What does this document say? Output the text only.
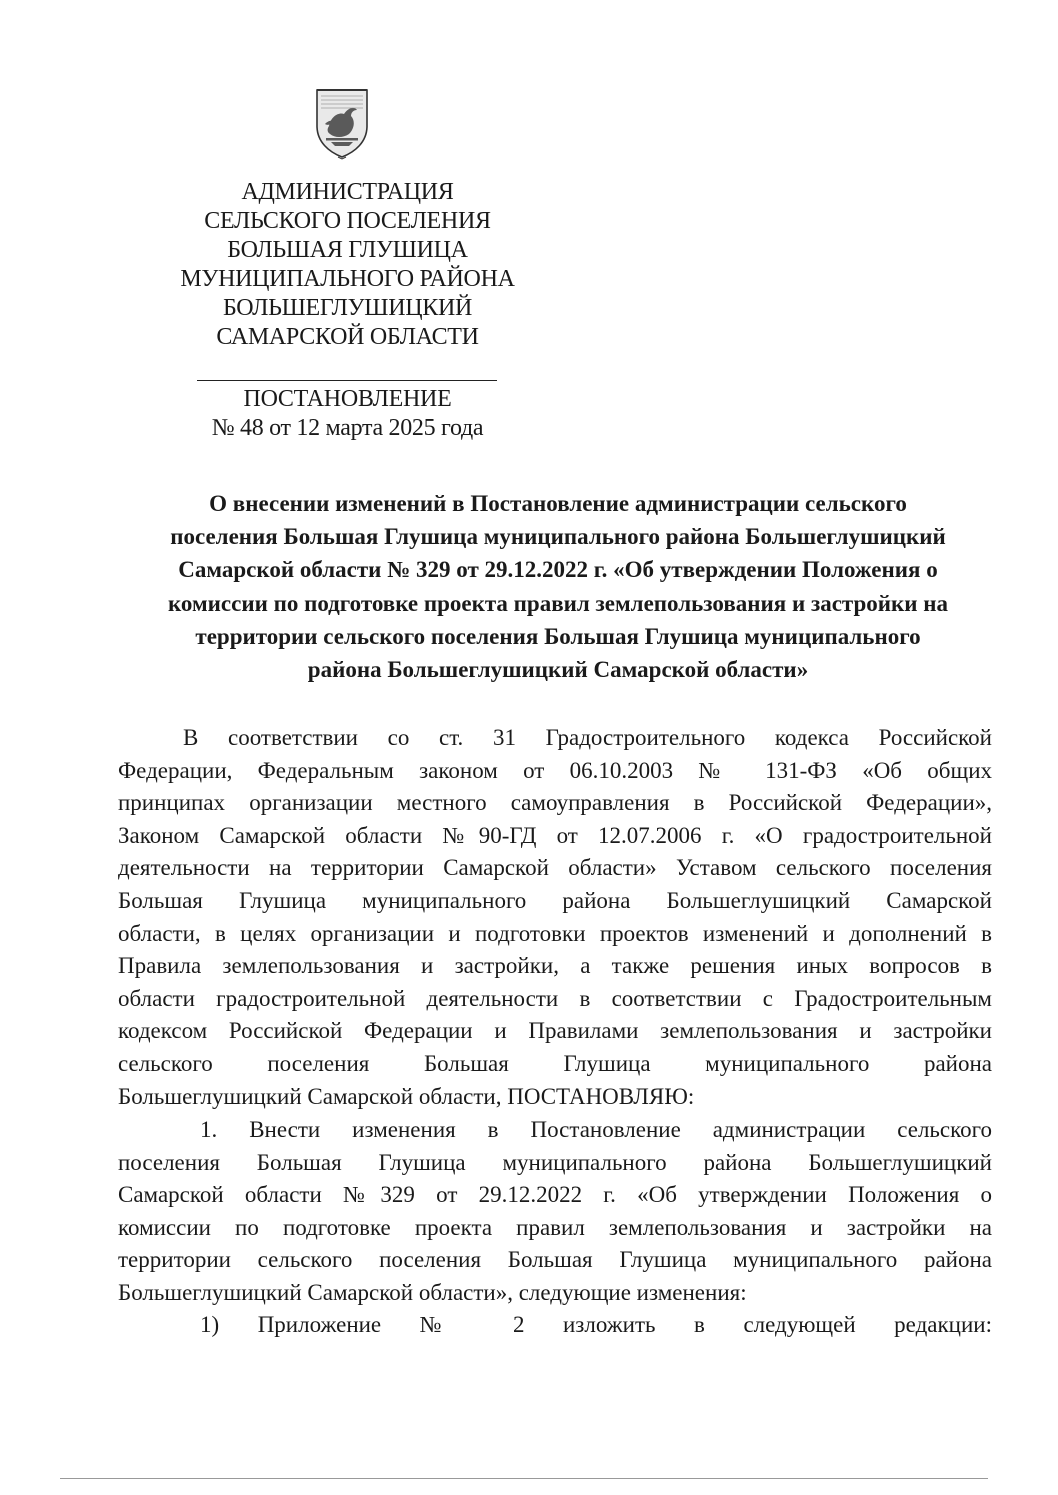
АДМИНИСТРАЦИЯ
СЕЛЬСКОГО ПОСЕЛЕНИЯ
БОЛЬШАЯ ГЛУШИЦА
МУНИЦИПАЛЬНОГО РАЙОНА
БОЛЬШЕГЛУШИЦКИЙ
САМАРСКОЙ ОБЛАСТИ
ПОСТАНОВЛЕНИЕ
№ 48 от 12 марта 2025 года
О внесении изменений в Постановление администрации сельского
поселения Большая Глушица муниципального района Большеглушицкий
Самарской области № 329 от 29.12.2022 г. «Об утверждении Положения о
комиссии по подготовке проекта правил землепользования и застройки на
территории сельского поселения Большая Глушица муниципального
района Большеглушицкий Самарской области»
В соответствии со ст. 31 Градостроительного кодекса Российской
Федерации, Федеральным законом от 06.10.2003 № 131-ФЗ «Об общих
принципах организации местного самоуправления в Российской Федерации»,
Законом Самарской области №90-ГД от 12.07.2006 г. «О градостроительной
деятельности на территории Самарской области» Уставом сельского поселения
Большая Глушица муниципального района Большеглушицкий Самарской
области, в целях организации и подготовки проектов изменений и дополнений в
Правила землепользования и застройки, а также решения иных вопросов в
области градостроительной деятельности в соответствии с Градостроительным
кодексом Российской Федерации и Правилами землепользования и застройки
сельского поселения Большая Глушица муниципального района
Большеглушицкий Самарской области, ПОСТАНОВЛЯЮ:
1. Внести изменения в Постановление администрации сельского
поселения Большая Глушица муниципального района Большеглушицкий
Самарской области №329 от 29.12.2022 г. «Об утверждении Положения о
комиссии по подготовке проекта правил землепользования и застройки на
территории сельского поселения Большая Глушица муниципального района
Большеглушицкий Самарской области», следующие изменения:
1) Приложение № 2 изложить в следующей редакции:
